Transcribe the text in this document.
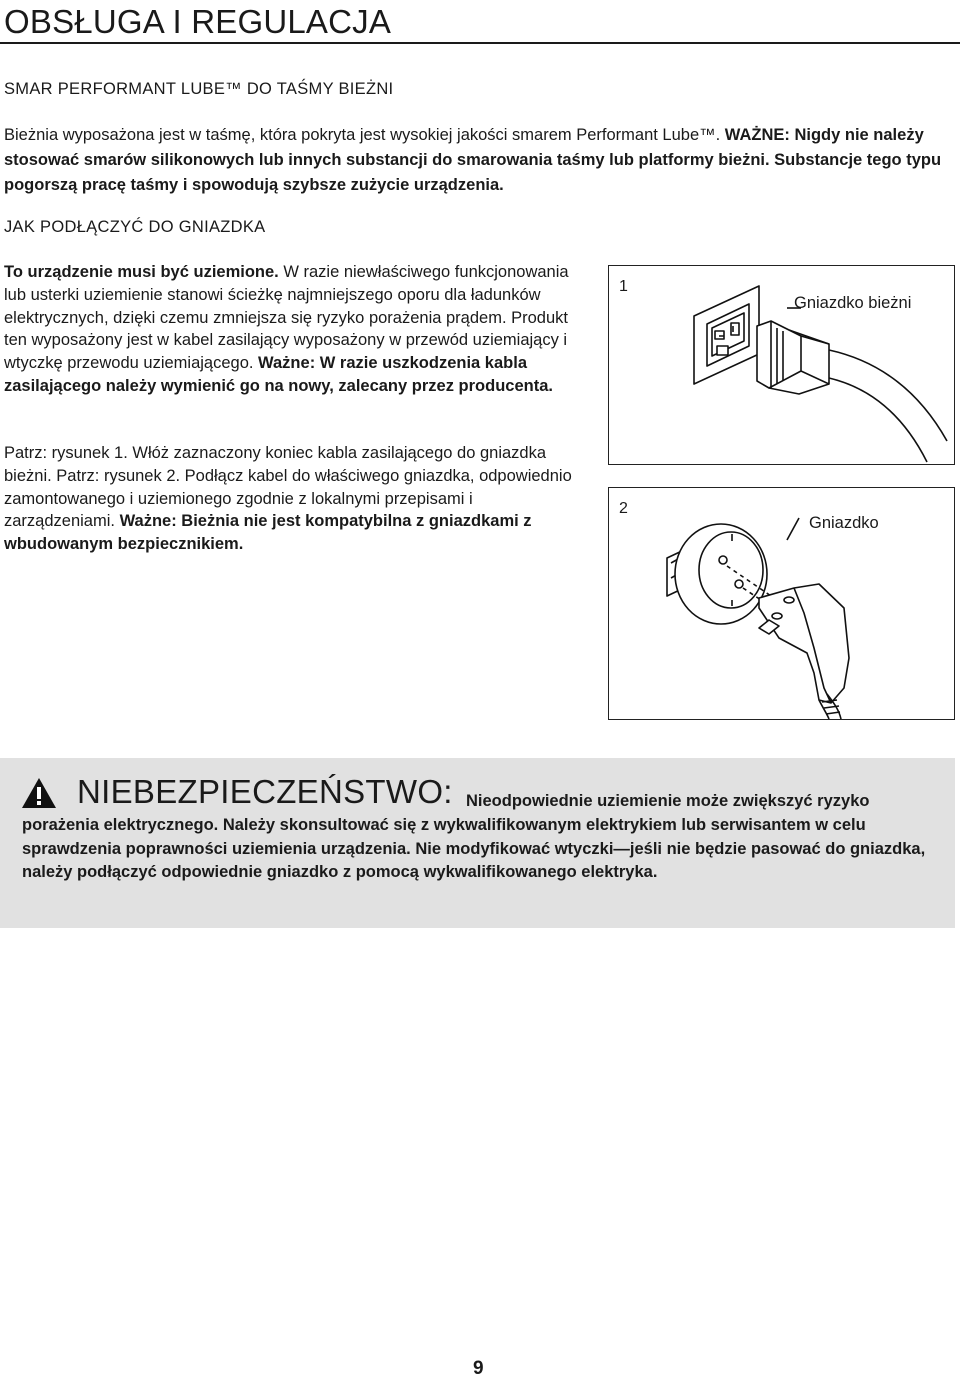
OBSŁUGA I REGULACJA
SMAR PERFORMANT LUBE™ DO TAŚMY BIEŻNI

Bieżnia wyposażona jest w taśmę, która pokryta jest wysokiej jakości smarem Performant Lube™. WAŻNE: Nigdy nie należy stosować smarów silikonowych lub innych substancji do smarowania taśmy lub platformy bieżni. Substancje tego typu pogorszą pracę taśmy i spowodują szybsze zużycie urządzenia.

JAK PODŁĄCZYĆ DO GNIAZDKA

To urządzenie musi być uziemione. W razie niewłaściwego funkcjonowania lub usterki uziemienie stanowi ścieżkę najmniejszego oporu dla ładunków elektrycznych, dzięki czemu zmniejsza się ryzyko porażenia prądem. Produkt ten wyposażony jest w kabel zasilający wyposażony w przewód uziemiający i wtyczkę przewodu uziemiającego. Ważne: W razie uszkodzenia kabla zasilającego należy wymienić go na nowy, zalecany przez producenta.

Patrz: rysunek 1. Włóż zaznaczony koniec kabla zasilającego do gniazdka bieżni. Patrz: rysunek 2. Podłącz kabel do właściwego gniazdka, odpowiednio zamontowanego i uziemionego zgodnie z lokalnymi przepisami i zarządzeniami. Ważne: Bieżnia nie jest kompatybilna z gniazdkami z wbudowanym bezpiecznikiem.

1
Gniazdko bieżni
2
Gniazdko
NIEBEZPIECZEŃSTWO: Nieodpowiednie uziemienie może zwiększyć ryzyko

porażenia elektrycznego. Należy skonsultować się z wykwalifikowanym elektrykiem lub serwisantem w celu sprawdzenia poprawności uziemienia urządzenia. Nie modyfikować wtyczki—jeśli nie będzie pasować do gniazdka, należy podłączyć odpowiednie gniazdko z pomocą wykwalifikowanego elektryka.

9
